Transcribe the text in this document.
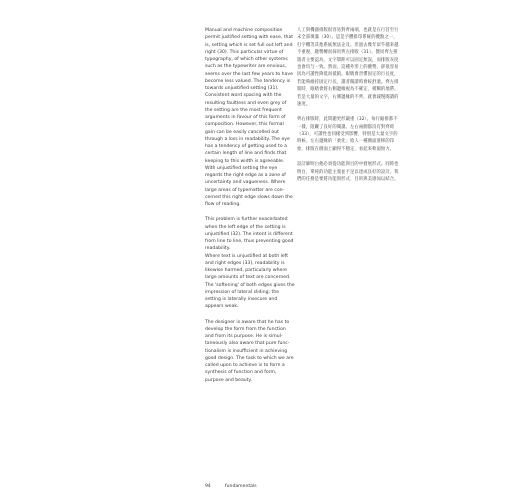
Manual and machine composition permit justified setting with ease, that is, setting which is set full out left and right (30). This particular virtue of typography, of which other systems such as the typewriter are envious, seems over the last few years to have become less valued. The tendency is towards unjustified setting (31). Consistent word spacing with the resulting faultless and even grey of the setting are the most frequent arguments in favour of this form of composition. However, this formal gain can be easily cancelled out through a loss in readability. The eye has a tendency of getting used to a certain length of line and finds that keeping to this width is agreeable. With unjustified setting the eye regards the right edge as a zone of uncertainty and vagueness. Where large areas of typematter are con-cerned this right edge slows down the flow of reading.

This problem is further exacerbated when the left edge of the setting is unjustified (32). The intent is different from line to line, thus preventing good readability.
Where text is unjustified at both left and right edges (33), readability is likewise harmed, particularly where large amounts of text are concerned. The 'softening' of both edges gives the impression of lateral sliding; the setting is laterally insecure and appears weak.

The designer is aware that he has to develop the form from the function and from its purpose. He is simul-taneously also aware that pure func-tionalism is insufficient in achieving good design. The task to which we are called upon to achieve is to form a synthesis of function and form, purpose and beauty.

人工與機器排版很容易對齊兩端，也就是在行首至行末全部填滿（30）。這是字體排印系統的優點之一，打字機等其他系統無法企及。但過去幾年似乎越來越不重視，趨勢轉而採用齊左排版（31）。贊同齊左排版者主要認為，文字間距可以固定無誤，而排版灰度也會均勻一致。然而，這種外形上的優勢，卻很容易因為可讀性降低而抵銷。眼睛會習慣固定的行長度，若能夠維持固定行長，讀者閱讀時會較舒適。齊左排版時，眼睛會將右側邊緣視為不確定、模糊的地帶。若是大量的文字，右側邊緣的不齊，就會減慢閱讀的速度。

齊右排版時，此問題更形嚴重（32）。每行縮排都不一樣，阻礙了良好的閱讀。左右兩側都沒有對齊時（33），可讀性也同樣受到影響，特別是大量文字的時候。左右邊緣的「柔化」給人一種側面滑移的印象，排版在側面上顯得不穩定，看起來軟弱無力。

設計師明白他必須從功能與目的中發展形式。同時也明白，單純的功能主義並不足以達成良好的設計。我們的任務是要將功能與形式、目的與美感加以結合。

94	fundamentals
